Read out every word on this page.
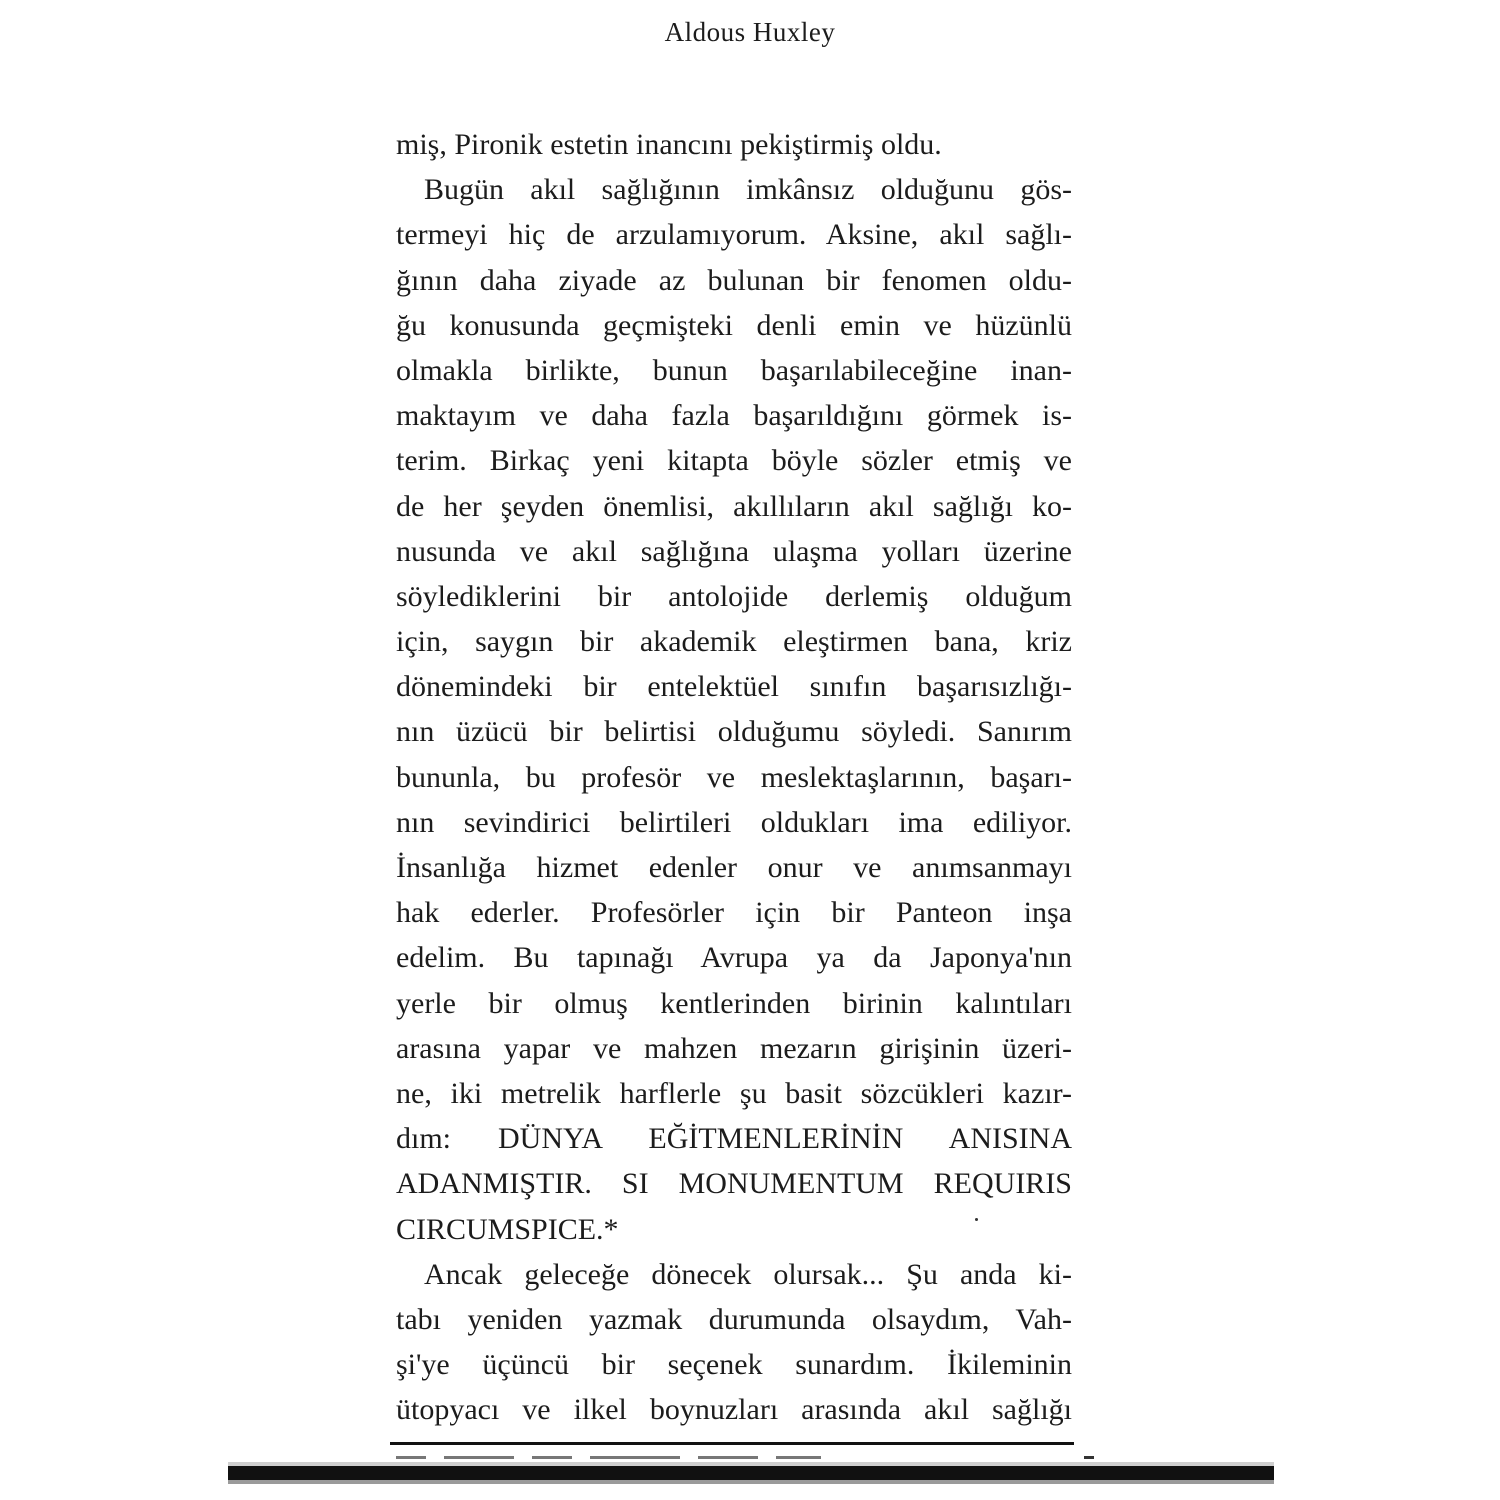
Aldous Huxley
miş, Pironik estetin inancını pekiştirmiş oldu.
Bugün akıl sağlığının imkânsız olduğunu gös-
termeyi hiç de arzulamıyorum. Aksine, akıl sağlı-
ğının daha ziyade az bulunan bir fenomen oldu-
ğu konusunda geçmişteki denli emin ve hüzünlü
olmakla birlikte, bunun başarılabileceğine inan-
maktayım ve daha fazla başarıldığını görmek is-
terim. Birkaç yeni kitapta böyle sözler etmiş ve
de her şeyden önemlisi, akıllıların akıl sağlığı ko-
nusunda ve akıl sağlığına ulaşma yolları üzerine
söylediklerini bir antolojide derlemiş olduğum
için, saygın bir akademik eleştirmen bana, kriz
dönemindeki bir entelektüel sınıfın başarısızlığı-
nın üzücü bir belirtisi olduğumu söyledi. Sanırım
bununla, bu profesör ve meslektaşlarının, başarı-
nın sevindirici belirtileri oldukları ima ediliyor.
İnsanlığa hizmet edenler onur ve anımsanmayı
hak ederler. Profesörler için bir Panteon inşa
edelim. Bu tapınağı Avrupa ya da Japonya'nın
yerle bir olmuş kentlerinden birinin kalıntıları
arasına yapar ve mahzen mezarın girişinin üzeri-
ne, iki metrelik harflerle şu basit sözcükleri kazır-
dım: DÜNYA EĞİTMENLERİNİN ANISINA
ADANMIŞTIR. SI MONUMENTUM REQUIRIS
CIRCUMSPICE.*
Ancak geleceğe dönecek olursak... Şu anda ki-
tabı yeniden yazmak durumunda olsaydım, Vah-
şi'ye üçüncü bir seçenek sunardım. İkileminin
ütopyacı ve ilkel boynuzları arasında akıl sağlığı
